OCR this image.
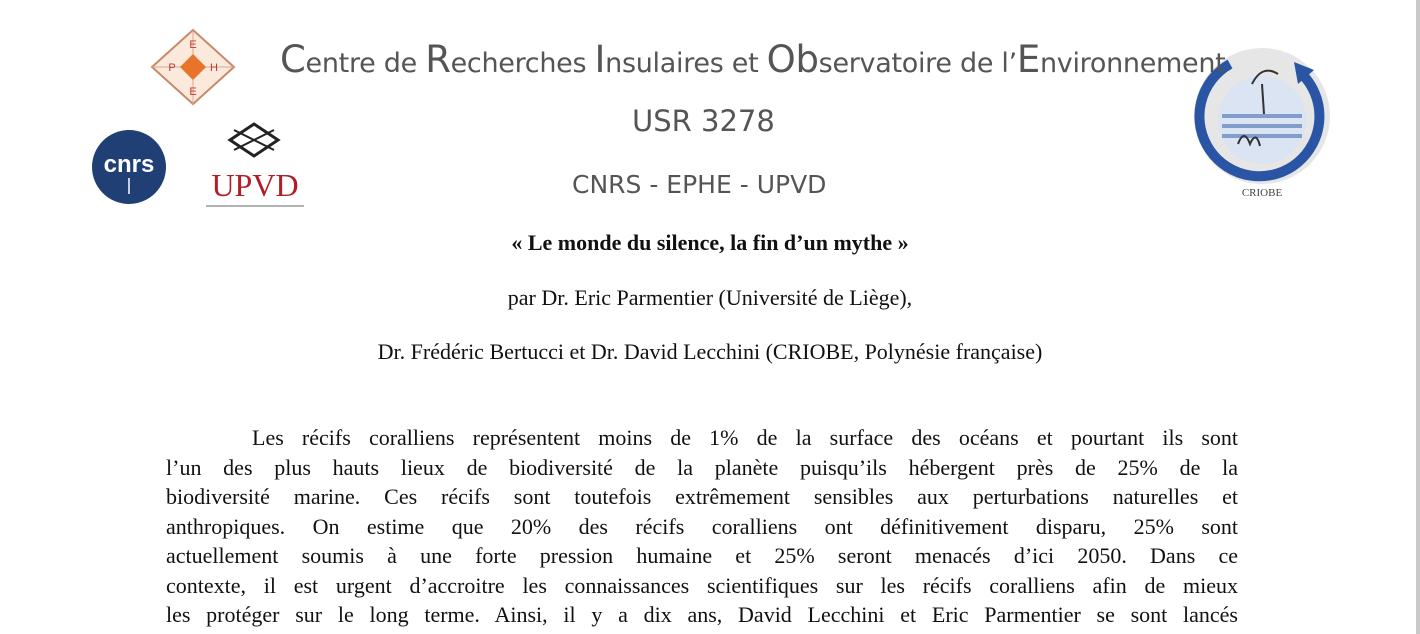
E
P	H
E
cnrs
UPVD	CRIOBE
Centre de Recherches Insulaires et Observatoire de l’Environnement
USR 3278
CNRS - EPHE - UPVD
« Le monde du silence, la fin d’un mythe »
par Dr. Eric Parmentier (Université de Liège),
Dr. Frédéric Bertucci et Dr. David Lecchini (CRIOBE, Polynésie française)
Les récifs coralliens représentent moins de 1% de la surface des océans et pourtant ils sont
l’un des plus hauts lieux de biodiversité de la planète puisqu’ils hébergent près de 25% de la
biodiversité marine. Ces récifs sont toutefois extrêmement sensibles aux perturbations naturelles et
anthropiques. On estime que 20% des récifs coralliens ont définitivement disparu, 25% sont
actuellement soumis à une forte pression humaine et 25% seront menacés d’ici 2050. Dans ce
contexte, il est urgent d’accroitre les connaissances scientifiques sur les récifs coralliens afin de mieux
les protéger sur le long terme. Ainsi, il y a dix ans, David Lecchini et Eric Parmentier se sont lancés
